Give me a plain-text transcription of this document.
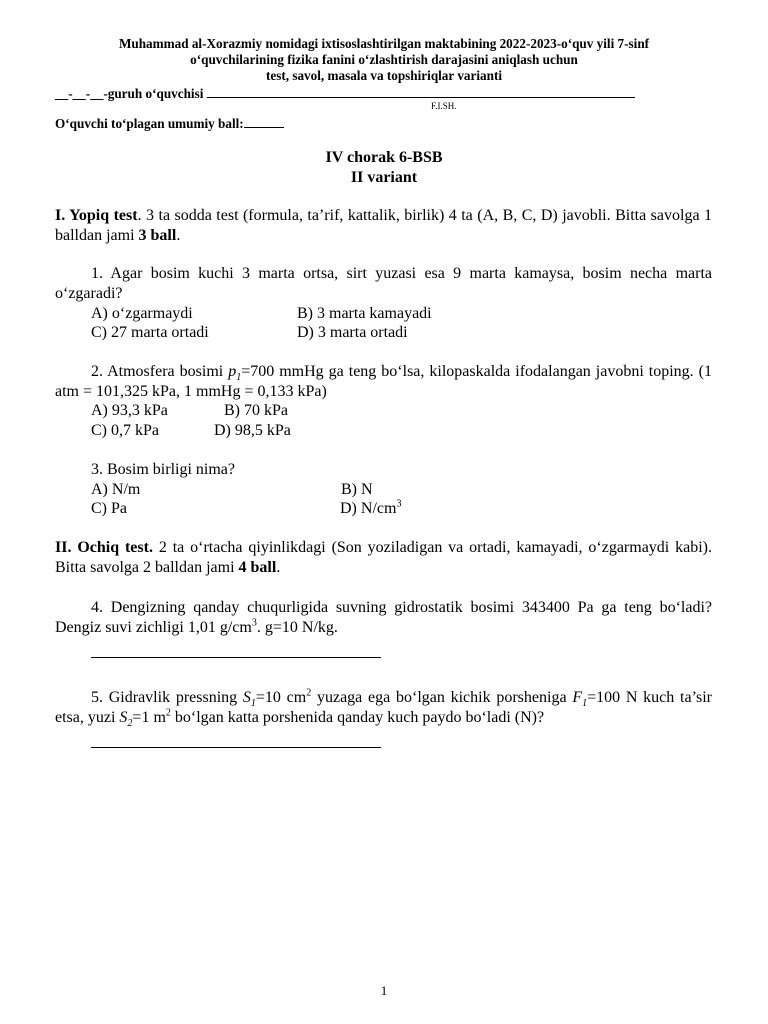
Muhammad al-Xorazmiy nomidagi ixtisoslashtirilgan maktabining 2022-2023-o‘quv yili 7-sinf
o‘quvchilarining fizika fanini o‘zlashtirish darajasini aniqlash uchun
test, savol, masala va topshiriqlar varianti
__-__-__-guruh o‘quvchisi
F.I.SH.
O‘quvchi to‘plagan umumiy ball:
IV chorak 6-BSB
II variant
I. Yopiq test. 3 ta sodda test (formula, ta’rif, kattalik, birlik) 4 ta (A, B, C, D) javobli. Bitta savolga 1 balldan jami 3 ball.
1. Agar bosim kuchi 3 marta ortsa, sirt yuzasi esa 9 marta kamaysa, bosim necha marta o‘zgaradi?
A) o‘zgarmaydi	B) 3 marta kamayadi
C) 27 marta ortadi	D) 3 marta ortadi
2. Atmosfera bosimi $p_1=700$ mmHg ga teng bo‘lsa, kilopaskalda ifodalangan javobni toping. (1 atm = 101,325 kPa, 1 mmHg = 0,133 kPa)
A) 93,3 kPa	B) 70 kPa
C) 0,7 kPa	D) 98,5 kPa
3. Bosim birligi nima?
A) N/m	B) N
C) Pa	D) $N/cm^3$
II. Ochiq test. 2 ta o‘rtacha qiyinlikdagi (Son yoziladigan va ortadi, kamayadi, o‘zgarmaydi kabi). Bitta savolga 2 balldan jami 4 ball.
4. Dengizning qanday chuqurligida suvning gidrostatik bosimi 343400 Pa ga teng bo‘ladi? Dengiz suvi zichligi 1,01 $g/cm^3$. g=10 N/kg.
5. Gidravlik pressning $S_1=10$ $cm^2$ yuzaga ega bo‘lgan kichik porsheniga $F_1=100$ N kuch ta’sir etsa, yuzi $S_2=1$ $m^2$ bo‘lgan katta porshenida qanday kuch paydo bo‘ladi (N)?
1
